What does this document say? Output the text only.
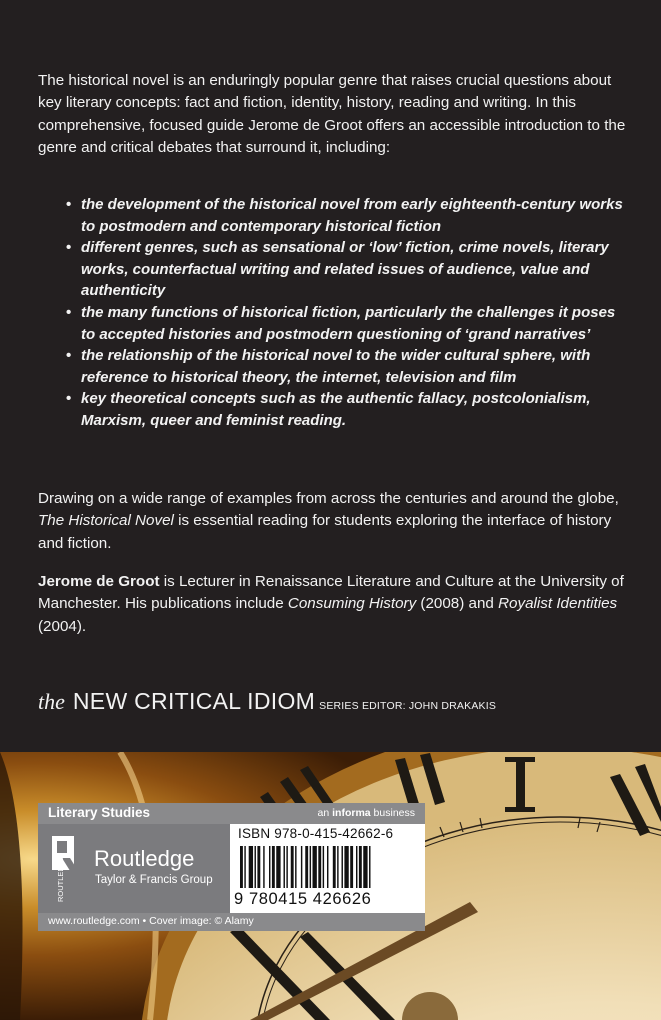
The historical novel is an enduringly popular genre that raises crucial questions about key literary concepts: fact and fiction, identity, history, reading and writing. In this comprehensive, focused guide Jerome de Groot offers an accessible introduction to the genre and critical debates that surround it, including:

• the development of the historical novel from early eighteenth-century works to postmodern and contemporary historical fiction
• different genres, such as sensational or ‘low’ fiction, crime novels, literary works, counterfactual writing and related issues of audience, value and authenticity
• the many functions of historical fiction, particularly the challenges it poses to accepted histories and postmodern questioning of ‘grand narratives’
• the relationship of the historical novel to the wider cultural sphere, with reference to historical theory, the internet, television and film
• key theoretical concepts such as the authentic fallacy, postcolonialism, Marxism, queer and feminist reading.

Drawing on a wide range of examples from across the centuries and around the globe, The Historical Novel is essential reading for students exploring the interface of history and fiction.

Jerome de Groot is Lecturer in Renaissance Literature and Culture at the University of Manchester. His publications include Consuming History (2008) and Royalist Identities (2004).

the NEW CRITICAL IDIOM SERIES EDITOR: JOHN DRAKAKIS
Literary Studies	an informa business
ROUTLEDGE Routledge
Taylor & Francis Group
ISBN 978-0-415-42662-6
9 780415 426626
www.routledge.com • Cover image: © Alamy
